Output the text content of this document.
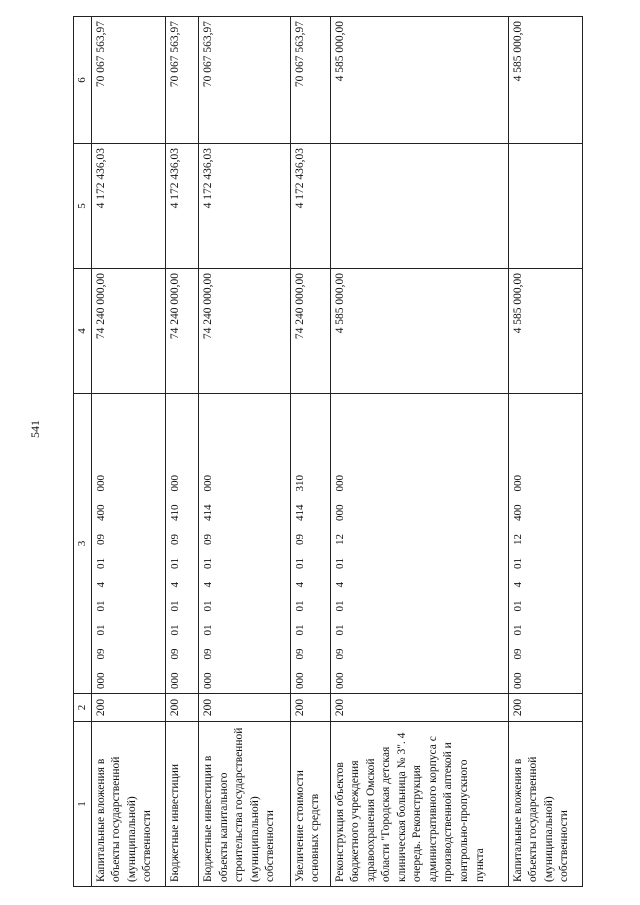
541
1	2	3	4	5	6
Капитальные вложения в объекты государственной (муниципальной) собственности	200	00009010140109400000	74 240 000,00	4 172 436,03	70 067 563,97
Бюджетные инвестиции	200	00009010140109410000	74 240 000,00	4 172 436,03	70 067 563,97
Бюджетные инвестиции в объекты капитального строительства государственной (муниципальной) собственности	200	00009010140109414000	74 240 000,00	4 172 436,03	70 067 563,97
Увеличение стоимости основных средств	200	00009010140109414310	74 240 000,00	4 172 436,03	70 067 563,97
Реконструкция объектов бюджетного учреждения здравоохранения Омской области "Городская детская клиническая больница № 3". 4 очередь. Реконструкция административного корпуса с производственной аптекой и контрольно-пропускного пункта	200	00009010140112000000	4 585 000,00		4 585 000,00
Капитальные вложения в объекты государственной (муниципальной) собственности	200	00009010140112400000	4 585 000,00		4 585 000,00
